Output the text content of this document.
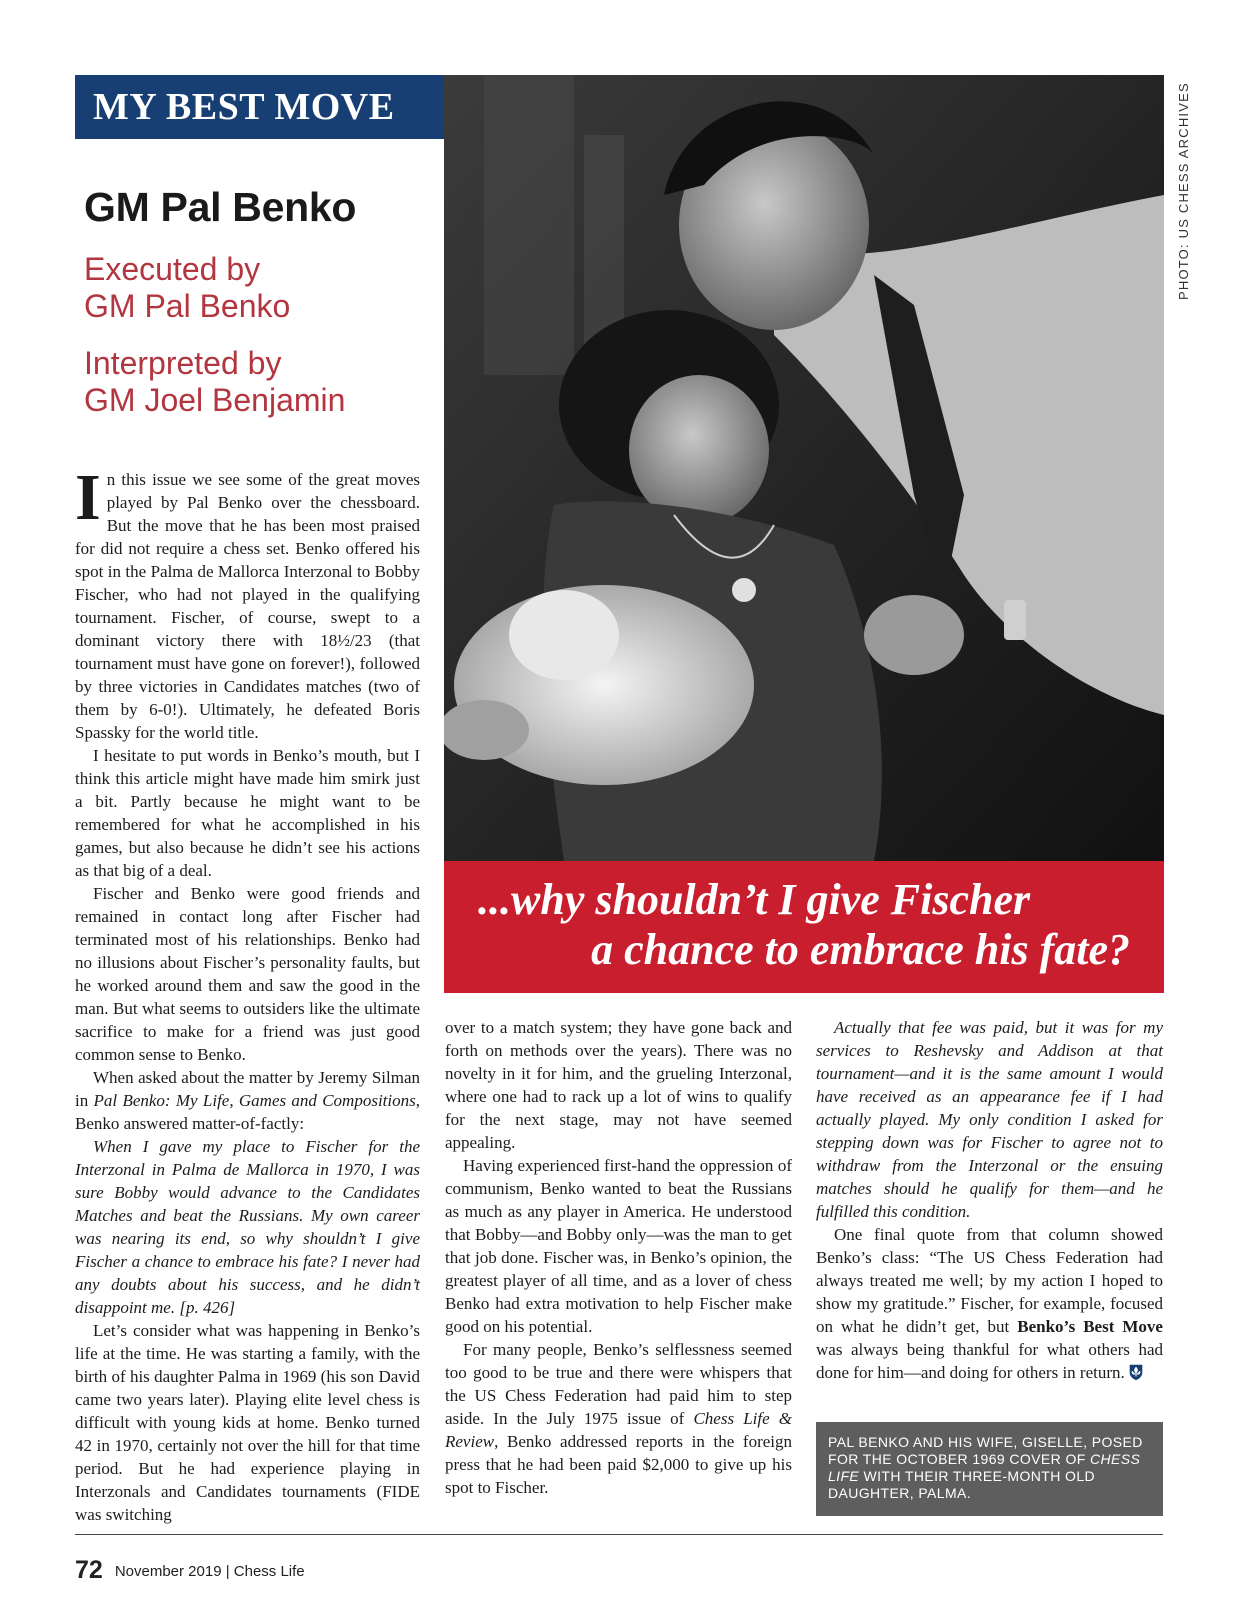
MY BEST MOVE	PHOTO: US CHESS ARCHIVES
...why shouldn’t I give Fischer
a chance to embrace his fate?
GM Pal Benko
Executed by
GM Pal Benko
Interpreted by
GM Joel Benjamin

In this issue we see some of the great moves played by Pal Benko over the chessboard. But the move that he has been most praised for did not require a chess set. Benko offered his spot in the Palma de Mallorca Interzonal to Bobby Fischer, who had not played in the qualifying tournament. Fischer, of course, swept to a dominant victory there with 18½/23 (that tournament must have gone on forever!), followed by three victories in Candidates matches (two of them by 6-0!). Ultimately, he defeated Boris Spassky for the world title.

I hesitate to put words in Benko’s mouth, but I think this article might have made him smirk just a bit. Partly because he might want to be remembered for what he accomplished in his games, but also because he didn’t see his actions as that big of a deal.

Fischer and Benko were good friends and remained in contact long after Fischer had terminated most of his relationships. Benko had no illusions about Fischer’s personality faults, but he worked around them and saw the good in the man. But what seems to outsiders like the ultimate sacrifice to make for a friend was just good common sense to Benko.

When asked about the matter by Jeremy Silman in Pal Benko: My Life, Games and Compositions, Benko answered matter-of-factly:

When I gave my place to Fischer for the Interzonal in Palma de Mallorca in 1970, I was sure Bobby would advance to the Candidates Matches and beat the Russians. My own career was nearing its end, so why shouldn’t I give Fischer a chance to embrace his fate? I never had any doubts about his success, and he didn’t disappoint me. [p. 426]

Let’s consider what was happening in Benko’s life at the time. He was starting a family, with the birth of his daughter Palma in 1969 (his son David came two years later). Playing elite level chess is difficult with young kids at home. Benko turned 42 in 1970, certainly not over the hill for that time period. But he had experience playing in Interzonals and Candidates tournaments (FIDE was switching

over to a match system; they have gone back and forth on methods over the years). There was no novelty in it for him, and the grueling Interzonal, where one had to rack up a lot of wins to qualify for the next stage, may not have seemed appealing.

Having experienced first-hand the oppression of communism, Benko wanted to beat the Russians as much as any player in America. He understood that Bobby—and Bobby only—was the man to get that job done. Fischer was, in Benko’s opinion, the greatest player of all time, and as a lover of chess Benko had extra motivation to help Fischer make good on his potential.

For many people, Benko’s selflessness seemed too good to be true and there were whispers that the US Chess Federation had paid him to step aside. In the July 1975 issue of Chess Life & Review, Benko addressed reports in the foreign press that he had been paid $2,000 to give up his spot to Fischer.

Actually that fee was paid, but it was for my services to Reshevsky and Addison at that tournament—and it is the same amount I would have received as an appearance fee if I had actually played. My only condition I asked for stepping down was for Fischer to agree not to withdraw from the Interzonal or the ensuing matches should he qualify for them—and he fulfilled this condition.

One final quote from that column showed Benko’s class: “The US Chess Federation had always treated me well; by my action I hoped to show my gratitude.” Fischer, for example, focused on what he didn’t get, but Benko’s Best Move was always being thankful for what others had done for him—and doing for others in return.

PAL BENKO AND HIS WIFE, GISELLE, POSED FOR THE OCTOBER 1969 COVER OF CHESS LIFE WITH THEIR THREE-MONTH OLD DAUGHTER, PALMA.
72 November 2019 | Chess Life
